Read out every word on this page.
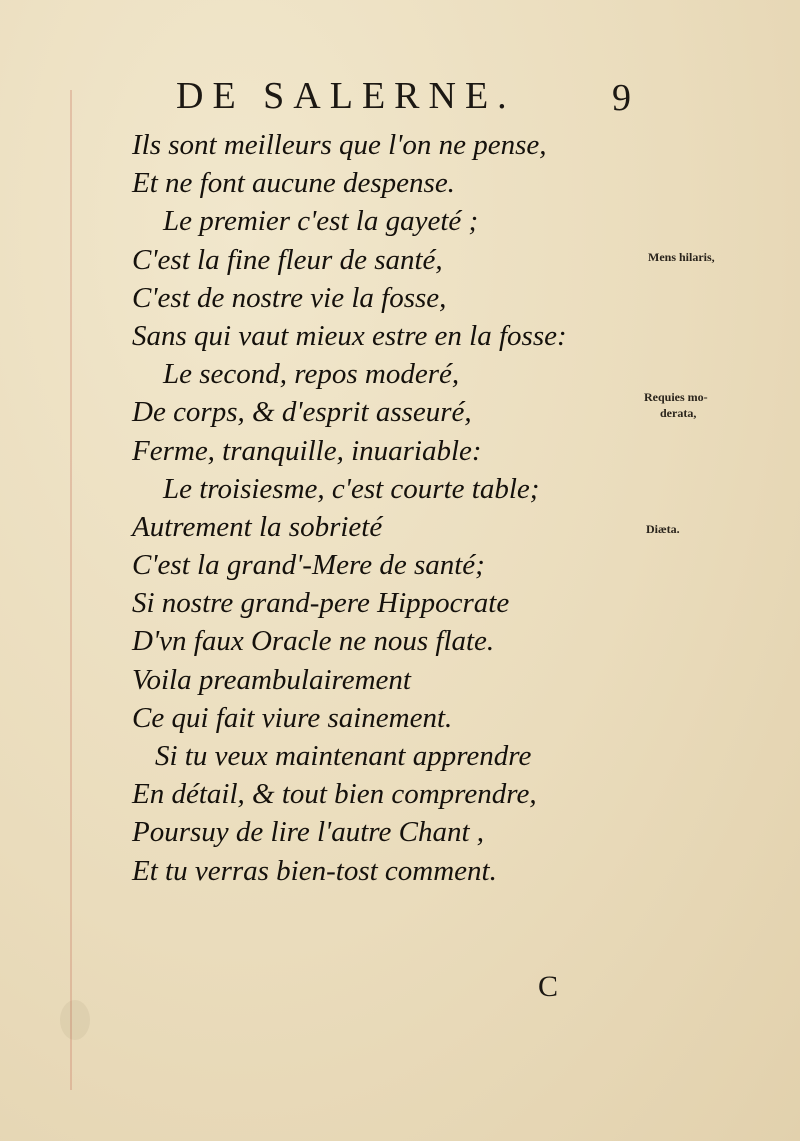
DE SALERNE.	9
Ils sont meilleurs que l'on ne pense,
Et ne font aucune despense.
Le premier c'est la gayeté ;
C'est la fine fleur de santé,
C'est de nostre vie la fosse,
Sans qui vaut mieux estre en la fosse:
Le second, repos moderé,
De corps, & d'esprit asseuré,
Ferme, tranquille, inuariable:
Le troisiesme, c'est courte table;
Autrement la sobrieté
C'est la grand'-Mere de santé;
Si nostre grand-pere Hippocrate
D'vn faux Oracle ne nous flate.
Voila preambulairement
Ce qui fait viure sainement.
Si tu veux maintenant apprendre
En détail, & tout bien comprendre,
Poursuy de lire l'autre Chant ,
Et tu verras bien-tost comment.
Mens hilaris,
Requies mo-
derata,
Diæta.
C
